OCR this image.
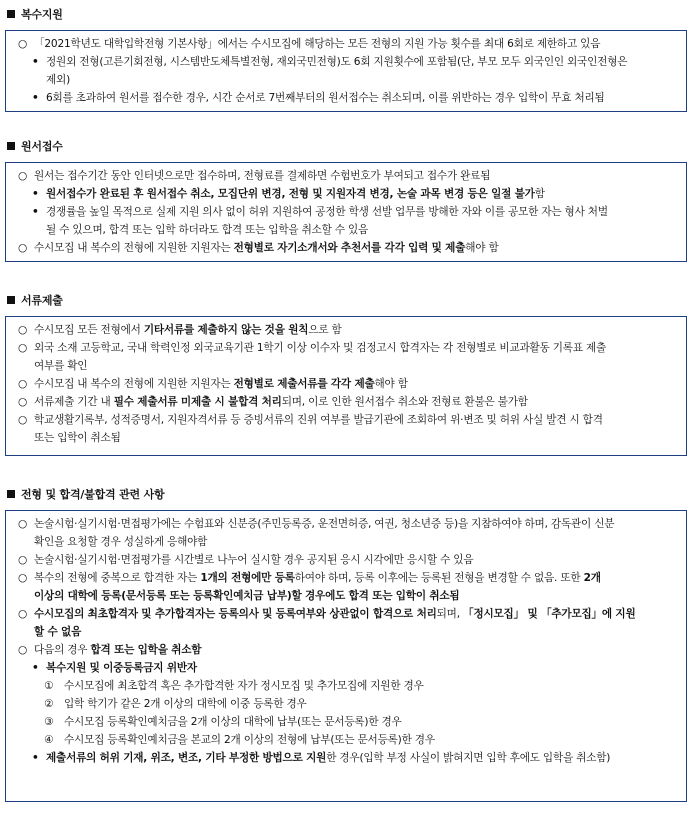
복수지원
○ 「2021학년도 대학입학전형 기본사항」에서는 수시모집에 해당하는 모든 전형의 지원 가능 횟수를 최대 6회로 제한하고 있음
• 정원외 전형(고른기회전형, 시스템반도체특별전형, 재외국민전형)도 6회 지원횟수에 포함됨(단, 부모 모두 외국인인 외국인전형은
제외)
• 6회를 초과하여 원서를 접수한 경우, 시간 순서로 7번째부터의 원서접수는 취소되며, 이를 위반하는 경우 입학이 무효 처리됨
원서접수
○ 원서는 접수기간 동안 인터넷으로만 접수하며, 전형료를 결제하면 수험번호가 부여되고 접수가 완료됨
• 원서접수가 완료된 후 원서접수 취소, 모집단위 변경, 전형 및 지원자격 변경, 논술 과목 변경 등은 일절 불가함
• 경쟁률을 높일 목적으로 실제 지원 의사 없이 허위 지원하여 공정한 학생 선발 업무를 방해한 자와 이를 공모한 자는 형사 처벌
될 수 있으며, 합격 또는 입학 하더라도 합격 또는 입학을 취소할 수 있음
○ 수시모집 내 복수의 전형에 지원한 지원자는 전형별로 자기소개서와 추천서를 각각 입력 및 제출해야 함
서류제출
○ 수시모집 모든 전형에서 기타서류를 제출하지 않는 것을 원칙으로 함
○ 외국 소재 고등학교, 국내 학력인정 외국교육기관 1학기 이상 이수자 및 검정고시 합격자는 각 전형별로 비교과활동 기록표 제출
여부를 확인
○ 수시모집 내 복수의 전형에 지원한 지원자는 전형별로 제출서류를 각각 제출해야 함
○ 서류제출 기간 내 필수 제출서류 미제출 시 불합격 처리되며, 이로 인한 원서접수 취소와 전형료 환불은 불가함
○ 학교생활기록부, 성적증명서, 지원자격서류 등 증빙서류의 진위 여부를 발급기관에 조회하여 위·변조 및 허위 사실 발견 시 합격
또는 입학이 취소됨
전형 및 합격/불합격 관련 사항
○ 논술시험·실기시험·면접평가에는 수험표와 신분증(주민등록증, 운전면허증, 여권, 청소년증 등)을 지참하여야 하며, 감독관이 신분
확인을 요청할 경우 성실하게 응해야함
○ 논술시험·실기시험·면접평가를 시간별로 나누어 실시할 경우 공지된 응시 시각에만 응시할 수 있음
○ 복수의 전형에 중복으로 합격한 자는 1개의 전형에만 등록하여야 하며, 등록 이후에는 등록된 전형을 변경할 수 없음. 또한 2개
이상의 대학에 등록(문서등록 또는 등록확인예치금 납부)할 경우에도 합격 또는 입학이 취소됨
○ 수시모집의 최초합격자 및 추가합격자는 등록의사 및 등록여부와 상관없이 합격으로 처리되며, 「정시모집」 및 「추가모집」에 지원
할 수 없음
○ 다음의 경우 합격 또는 입학을 취소함
• 복수지원 및 이중등록금지 위반자
① 수시모집에 최초합격 혹은 추가합격한 자가 정시모집 및 추가모집에 지원한 경우
② 입학 학기가 같은 2개 이상의 대학에 이중 등록한 경우
③ 수시모집 등록확인예치금을 2개 이상의 대학에 납부(또는 문서등록)한 경우
④ 수시모집 등록확인예치금을 본교의 2개 이상의 전형에 납부(또는 문서등록)한 경우
• 제출서류의 허위 기재, 위조, 변조, 기타 부정한 방법으로 지원한 경우(입학 부정 사실이 밝혀지면 입학 후에도 입학을 취소함)
